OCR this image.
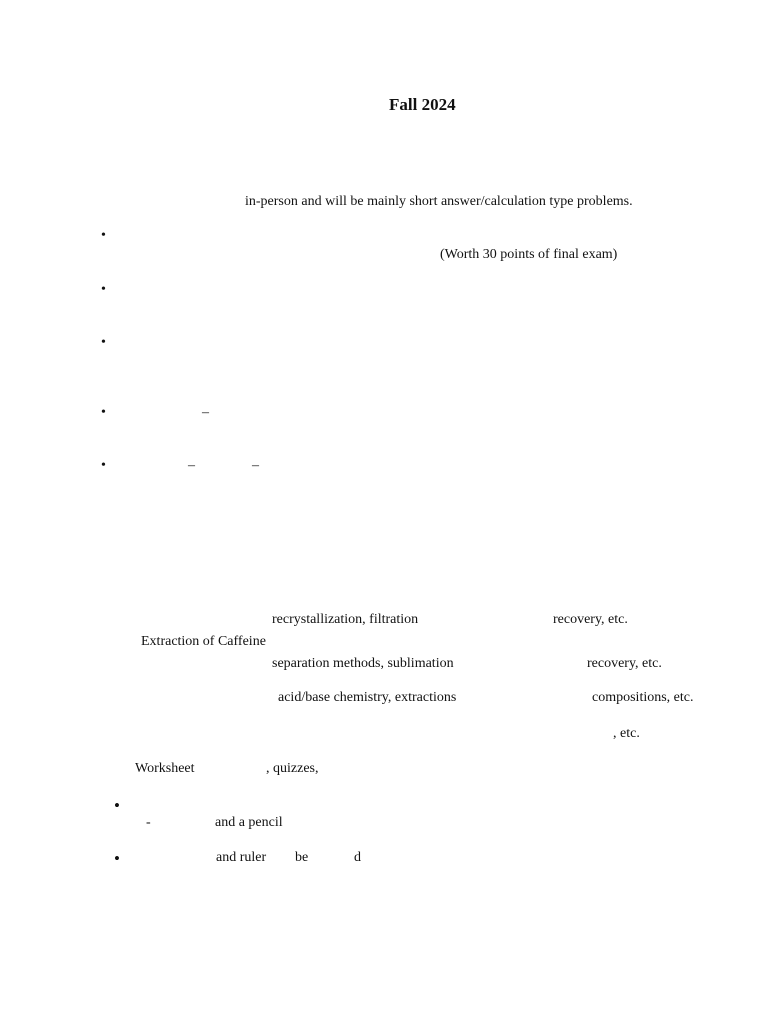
Fall 2024
in-person and will be mainly short answer/calculation type problems.
•
(Worth 30 points of final exam)
•
•
•	–
•	–	–
recrystallization, filtration	recovery, etc.
Extraction of Caffeine
separation methods, sublimation	recovery, etc.
acid/base chemistry, extractions	compositions, etc.
, etc.
Worksheet	, quizzes,
•
-	and a pencil
•	and ruler be	d
